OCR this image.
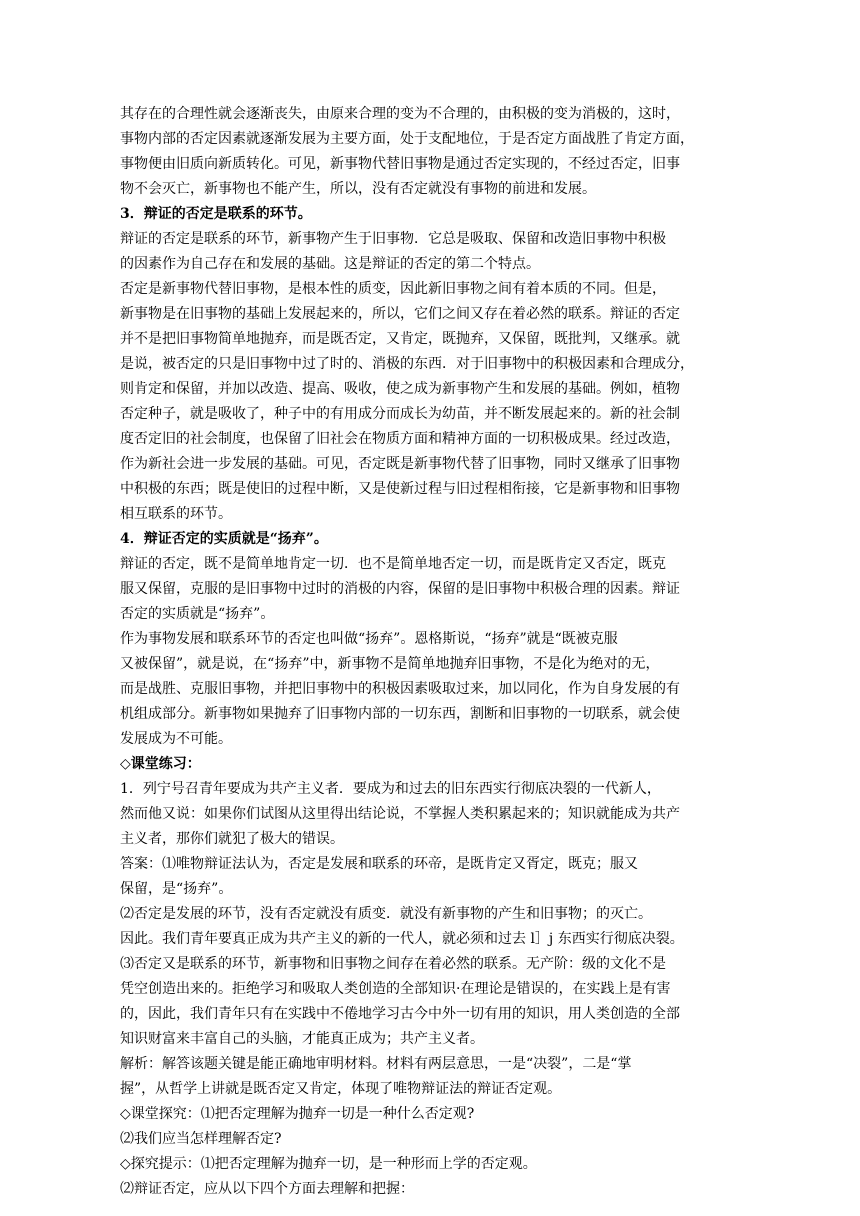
其存在的合理性就会逐渐丧失，由原来合理的变为不合理的，由积极的变为消极的，这时，
事物内部的否定因素就逐渐发展为主要方面，处于支配地位，于是否定方面战胜了肯定方面，
事物便由旧质向新质转化。可见，新事物代替旧事物是通过否定实现的，不经过否定，旧事
物不会灭亡，新事物也不能产生，所以，没有否定就没有事物的前进和发展。
3．辩证的否定是联系的环节。
辩证的否定是联系的环节，新事物产生于旧事物．它总是吸取、保留和改造旧事物中积极
的因素作为自己存在和发展的基础。这是辩证的否定的第二个特点。
否定是新事物代替旧事物，是根本性的质变，因此新旧事物之间有着本质的不同。但是，
新事物是在旧事物的基础上发展起来的，所以，它们之间又存在着必然的联系。辩证的否定
并不是把旧事物简单地抛弃，而是既否定，又肯定，既抛弃，又保留，既批判，又继承。就
是说，被否定的只是旧事物中过了时的、消极的东西．对于旧事物中的积极因素和合理成分，
则肯定和保留，并加以改造、提高、吸收，使之成为新事物产生和发展的基础。例如，植物
否定种子，就是吸收了，种子中的有用成分而成长为幼苗，并不断发展起来的。新的社会制
度否定旧的社会制度，也保留了旧社会在物质方面和精神方面的一切积极成果。经过改造，
作为新社会进一步发展的基础。可见，否定既是新事物代替了旧事物，同时又继承了旧事物
中积极的东西；既是使旧的过程中断，又是使新过程与旧过程相衔接，它是新事物和旧事物
相互联系的环节。
4．辩证否定的实质就是“扬弃”。
辩证的否定，既不是简单地肯定一切．也不是简单地否定一切，而是既肯定又否定，既克
服又保留，克服的是旧事物中过时的消极的内容，保留的是旧事物中积极合理的因素。辩证
否定的实质就是“扬弃”。
作为事物发展和联系环节的否定也叫做“扬弃”。恩格斯说，“扬弃”就是“既被克服
又被保留”，就是说，在“扬弃”中，新事物不是简单地抛弃旧事物，不是化为绝对的无，
而是战胜、克服旧事物，并把旧事物中的积极因素吸取过来，加以同化，作为自身发展的有
机组成部分。新事物如果抛弃了旧事物内部的一切东西，割断和旧事物的一切联系，就会使
发展成为不可能。
◇课堂练习：
1．列宁号召青年要成为共产主义者．要成为和过去的旧东西实行彻底决裂的一代新人，
然而他又说：如果你们试图从这里得出结论说，不掌握人类积累起来的；知识就能成为共产
主义者，那你们就犯了极大的错误。
答案：⑴唯物辩证法认为，否定是发展和联系的环帝，是既肯定又胥定，既克；服又
保留，是“扬弃”。
⑵否定是发展的环节，没有否定就没有质变．就没有新事物的产生和旧事物；的灭亡。
因此。我们青年要真正成为共产主义的新的一代人，就必须和过去 l］j 东西实行彻底决裂。
⑶否定又是联系的环节，新事物和旧事物之间存在着必然的联系。无产阶：级的文化不是
凭空创造出来的。拒绝学习和吸取人类创造的全部知识·在理论是错误的，在实践上是有害
的，因此，我们青年只有在实践中不倦地学习古今中外一切有用的知识，用人类创造的全部
知识财富来丰富自己的头脑，才能真正成为；共产主义者。
解析：解答该题关键是能正确地审明材料。材料有两层意思，一是“决裂”，二是“掌
握”，从哲学上讲就是既否定又肯定，体现了唯物辩证法的辩证否定观。
◇课堂探究：⑴把否定理解为抛弃一切是一种什么否定观?
⑵我们应当怎样理解否定?
◇探究提示：⑴把否定理解为抛弃一切，是一种形而上学的否定观。
⑵辩证否定，应从以下四个方面去理解和把握：
